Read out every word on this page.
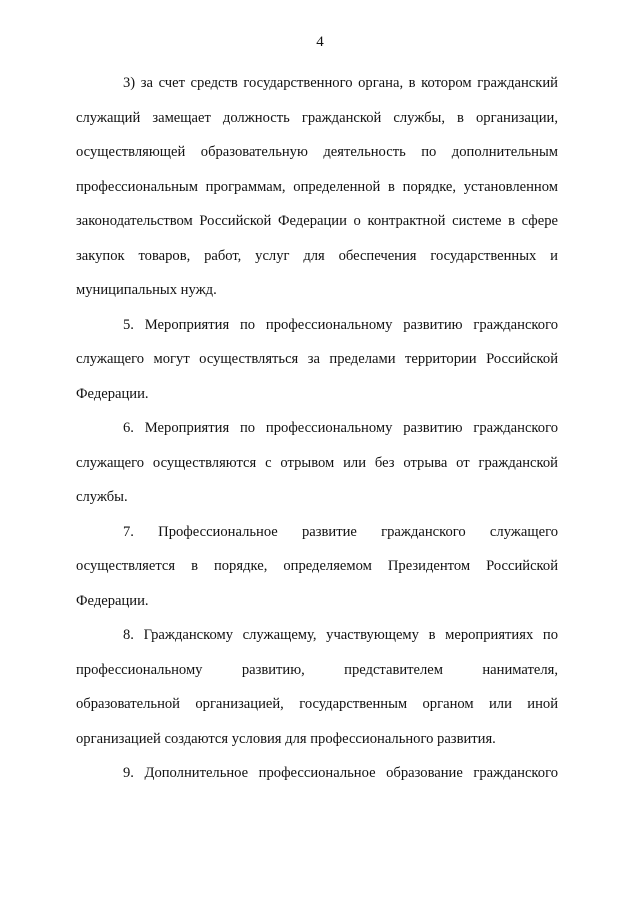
4
3) за счет средств государственного органа, в котором гражданский
служащий замещает должность гражданской службы, в организации,
осуществляющей образовательную деятельность по дополнительным
профессиональным программам, определенной в порядке, установленном
законодательством Российской Федерации о контрактной системе в сфере
закупок товаров, работ, услуг для обеспечения государственных и
муниципальных нужд.
5. Мероприятия по профессиональному развитию гражданского
служащего могут осуществляться за пределами территории Российской
Федерации.
6. Мероприятия по профессиональному развитию гражданского
служащего осуществляются с отрывом или без отрыва от гражданской
службы.
7. Профессиональное развитие гражданского служащего
осуществляется в порядке, определяемом Президентом Российской
Федерации.
8. Гражданскому служащему, участвующему в мероприятиях по
профессиональному развитию, представителем нанимателя,
образовательной организацией, государственным органом или иной
организацией создаются условия для профессионального развития.
9. Дополнительное профессиональное образование гражданского
